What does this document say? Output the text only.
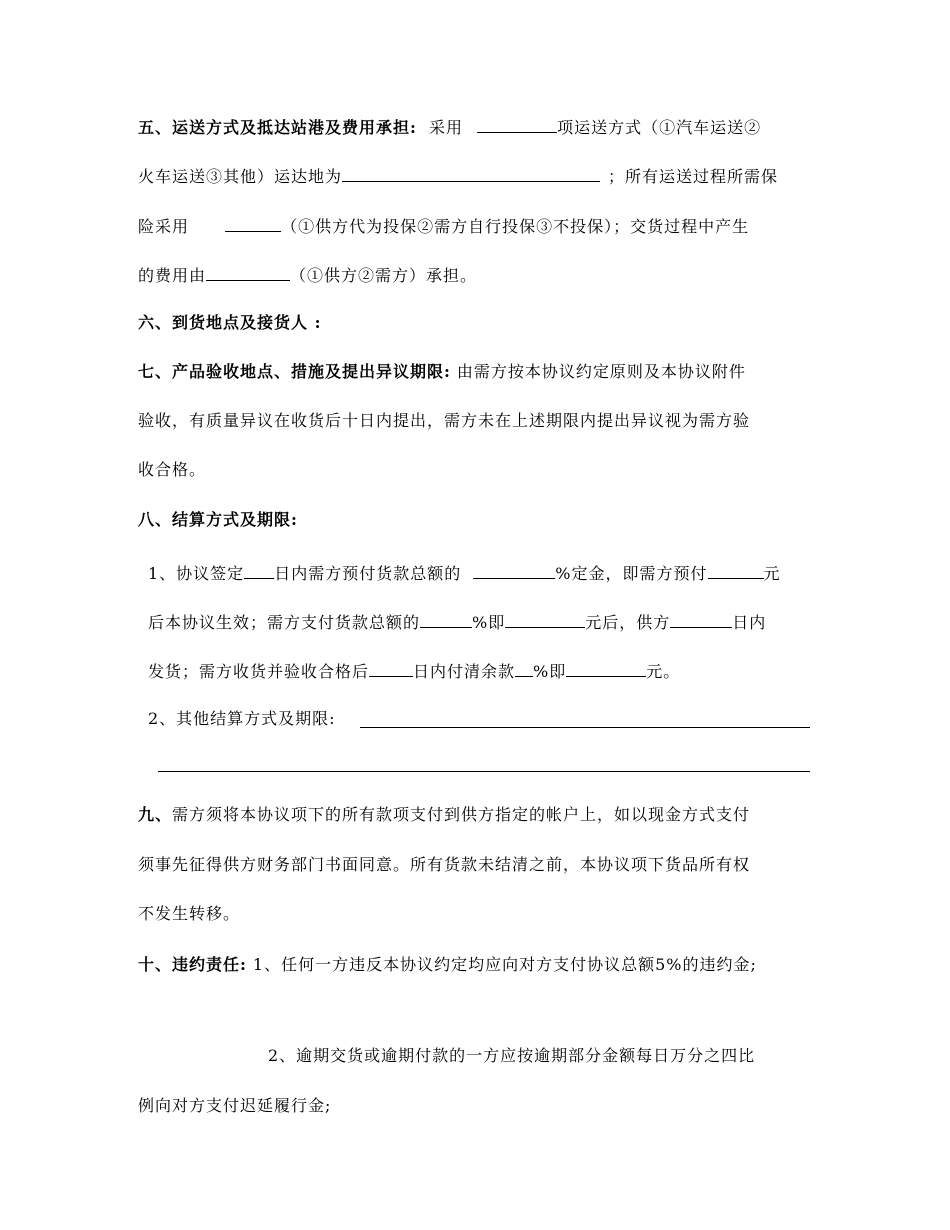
五、运送方式及抵达站港及费用承担: 采用	项运送方式（①汽车运送②
火车运送③其他）运达地为	；所有运送过程所需保
险采用	（①供方代为投保②需方自行投保③不投保）；交货过程中产生
的费用由	（①供方②需方）承担。
六、到货地点及接货人 :
七、产品验收地点、措施及提出异议期限: 由需方按本协议约定原则及本协议附件
验收，有质量异议在收货后十日内提出，需方未在上述期限内提出异议视为需方验
收合格。
八、结算方式及期限:
1、协议签定 日内需方预付货款总额的	%定金，即需方预付	元
后本协议生效；需方支付货款总额的	%即	元后，供方	日内
发货；需方收货并验收合格后	日内付清余款 %即	元。
2、其他结算方式及期限:
九、需方须将本协议项下的所有款项支付到供方指定的帐户上，如以现金方式支付
须事先征得供方财务部门书面同意。所有货款未结清之前，本协议项下货品所有权
不发生转移。
十、违约责任: 1、任何一方违反本协议约定均应向对方支付协议总额5%的违约金;
2、逾期交货或逾期付款的一方应按逾期部分金额每日万分之四比
例向对方支付迟延履行金;
